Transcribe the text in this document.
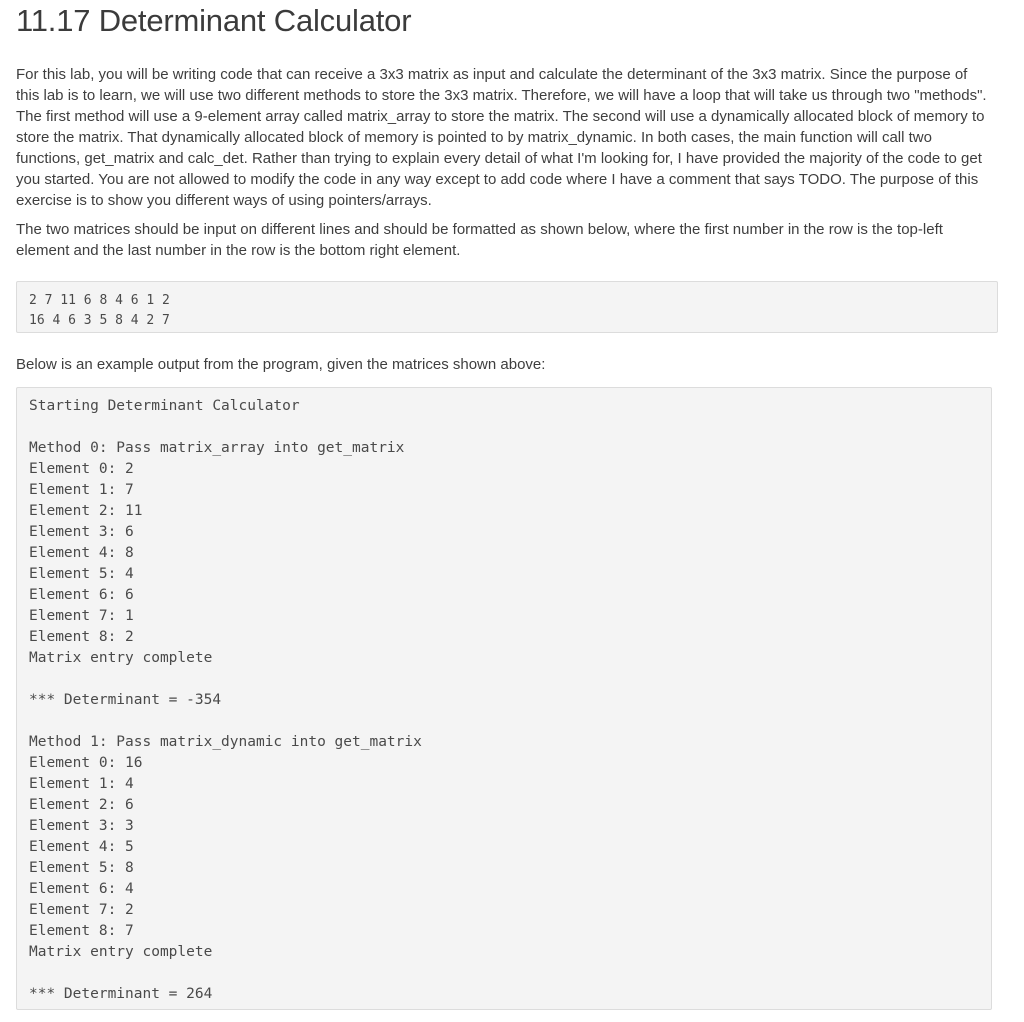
11.17 Determinant Calculator

For this lab, you will be writing code that can receive a 3x3 matrix as input and calculate the determinant of the 3x3 matrix. Since the purpose of this lab is to learn, we will use two different methods to store the 3x3 matrix. Therefore, we will have a loop that will take us through two "methods". The first method will use a 9-element array called matrix_array to store the matrix. The second will use a dynamically allocated block of memory to store the matrix. That dynamically allocated block of memory is pointed to by matrix_dynamic. In both cases, the main function will call two functions, get_matrix and calc_det. Rather than trying to explain every detail of what I'm looking for, I have provided the majority of the code to get you started. You are not allowed to modify the code in any way except to add code where I have a comment that says TODO. The purpose of this exercise is to show you different ways of using pointers/arrays.

The two matrices should be input on different lines and should be formatted as shown below, where the first number in the row is the top-left element and the last number in the row is the bottom right element.

2 7 11 6 8 4 6 1 2
16 4 6 3 5 8 4 2 7

Below is an example output from the program, given the matrices shown above:

Starting Determinant Calculator
Method 0: Pass matrix_array into get_matrix
Element 0: 2
Element 1: 7
Element 2: 11
Element 3: 6
Element 4: 8
Element 5: 4
Element 6: 6
Element 7: 1
Element 8: 2
Matrix entry complete
*** Determinant = -354
Method 1: Pass matrix_dynamic into get_matrix
Element 0: 16
Element 1: 4
Element 2: 6
Element 3: 3
Element 4: 5
Element 5: 8
Element 6: 4
Element 7: 2
Element 8: 7
Matrix entry complete
*** Determinant = 264
